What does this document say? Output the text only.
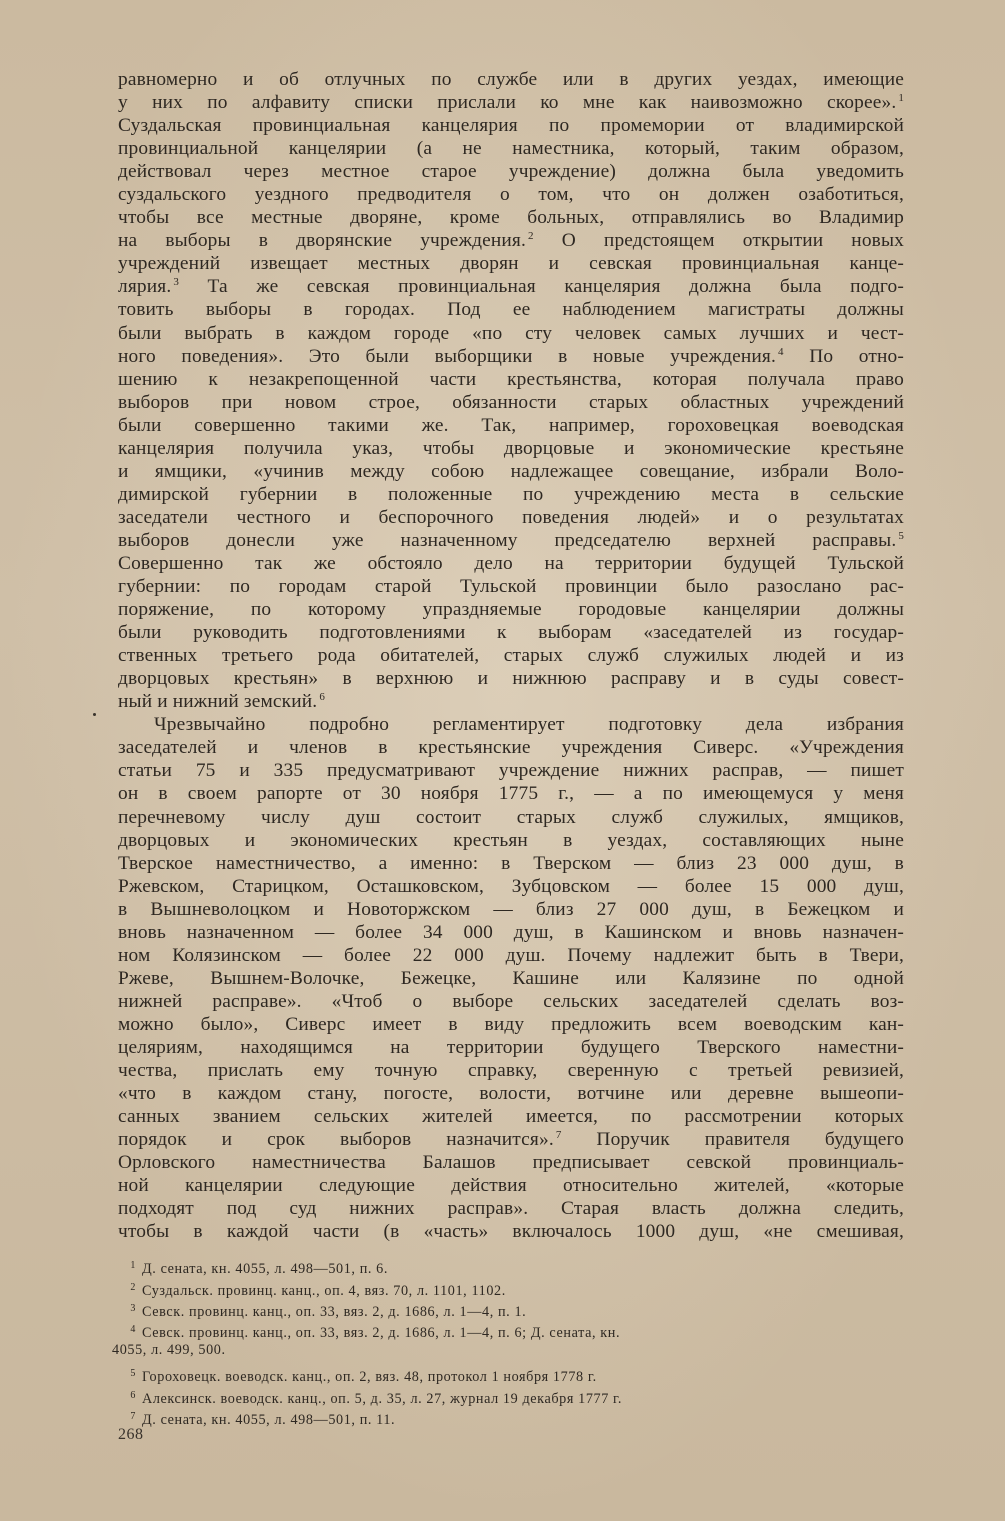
равномерно и об отлучных по службе или в других уездах, имеющие
у них по алфавиту списки прислали ко мне как наивозможно скорее». $^1$
Суздальская провинциальная канцелярия по промемории от владимирской
провинциальной канцелярии (а не наместника, который, таким образом,
действовал через местное старое учреждение) должна была уведомить
суздальского уездного предводителя о том, что он должен озаботиться,
чтобы все местные дворяне, кроме больных, отправлялись во Владимир
на выборы в дворянские учреждения. $^2$ О предстоящем открытии новых
учреждений извещает местных дворян и севская провинциальная канце-
лярия. $^3$ Та же севская провинциальная канцелярия должна была подго-
товить выборы в городах. Под ее наблюдением магистраты должны
были выбрать в каждом городе «по сту человек самых лучших и чест-
ного поведения». Это были выборщики в новые учреждения. $^4$ По отно-
шению к незакрепощенной части крестьянства, которая получала право
выборов при новом строе, обязанности старых областных учреждений
были совершенно такими же. Так, например, гороховецкая воеводская
канцелярия получила указ, чтобы дворцовые и экономические крестьяне
и ямщики, «учинив между собою надлежащее совещание, избрали Воло-
димирской губернии в положенные по учреждению места в сельские
заседатели честного и беспорочного поведения людей» и о результатах
выборов донесли уже назначенному председателю верхней расправы. $^5$
Совершенно так же обстояло дело на территории будущей Тульской
губернии: по городам старой Тульской провинции было разослано рас-
поряжение, по которому упраздняемые городовые канцелярии должны
были руководить подготовлениями к выборам «заседателей из государ-
ственных третьего рода обитателей, старых служб служилых людей и из
дворцовых крестьян» в верхнюю и нижнюю расправу и в суды совест-
ный и нижний земский. $^6$

Чрезвычайно подробно регламентирует подготовку дела избрания
заседателей и членов в крестьянские учреждения Сиверс. «Учреждения
статьи 75 и 335 предусматривают учреждение нижних расправ, — пишет
он в своем рапорте от 30 ноября 1775 г., — а по имеющемуся у меня
перечневому числу душ состоит старых служб служилых, ямщиков,
дворцовых и экономических крестьян в уездах, составляющих ныне
Тверское наместничество, а именно: в Тверском — близ 23 000 душ, в
Ржевском, Старицком, Осташковском, Зубцовском — более 15 000 душ,
в Вышневолоцком и Новоторжском — близ 27 000 душ, в Бежецком и
вновь назначенном — более 34 000 душ, в Кашинском и вновь назначен-
ном Колязинском — более 22 000 душ. Почему надлежит быть в Твери,
Ржеве, Вышнем-Волочке, Бежецке, Кашине или Калязине по одной
нижней расправе». «Чтоб о выборе сельских заседателей сделать воз-
можно было», Сиверс имеет в виду предложить всем воеводским кан-
целяриям, находящимся на территории будущего Тверского наместни-
чества, прислать ему точную справку, сверенную с третьей ревизией,
«что в каждом стану, погосте, волости, вотчине или деревне вышеопи-
санных званием сельских жителей имеется, по рассмотрении которых
порядок и срок выборов назначится». $^7$ Поручик правителя будущего
Орловского наместничества Балашов предписывает севской провинциаль-
ной канцелярии следующие действия относительно жителей, «которые
подходят под суд нижних расправ». Старая власть должна следить,
чтобы в каждой части (в «часть» включалось 1000 душ, «не смешивая,

1 Д. сената, кн. 4055, л. 498—501, п. 6.
2 Суздальск. провинц. канц., оп. 4, вяз. 70, л. 1101, 1102.
3 Севск. провинц. канц., оп. 33, вяз. 2, д. 1686, л. 1—4, п. 1.
4 Севск. провинц. канц., оп. 33, вяз. 2, д. 1686, л. 1—4, п. 6; Д. сената, кн.
4055, л. 499, 500.
5 Гороховецк. воеводск. канц., оп. 2, вяз. 48, протокол 1 ноября 1778 г.
6 Алексинск. воеводск. канц., оп. 5, д. 35, л. 27, журнал 19 декабря 1777 г.
7 Д. сената, кн. 4055, л. 498—501, п. 11.
268
